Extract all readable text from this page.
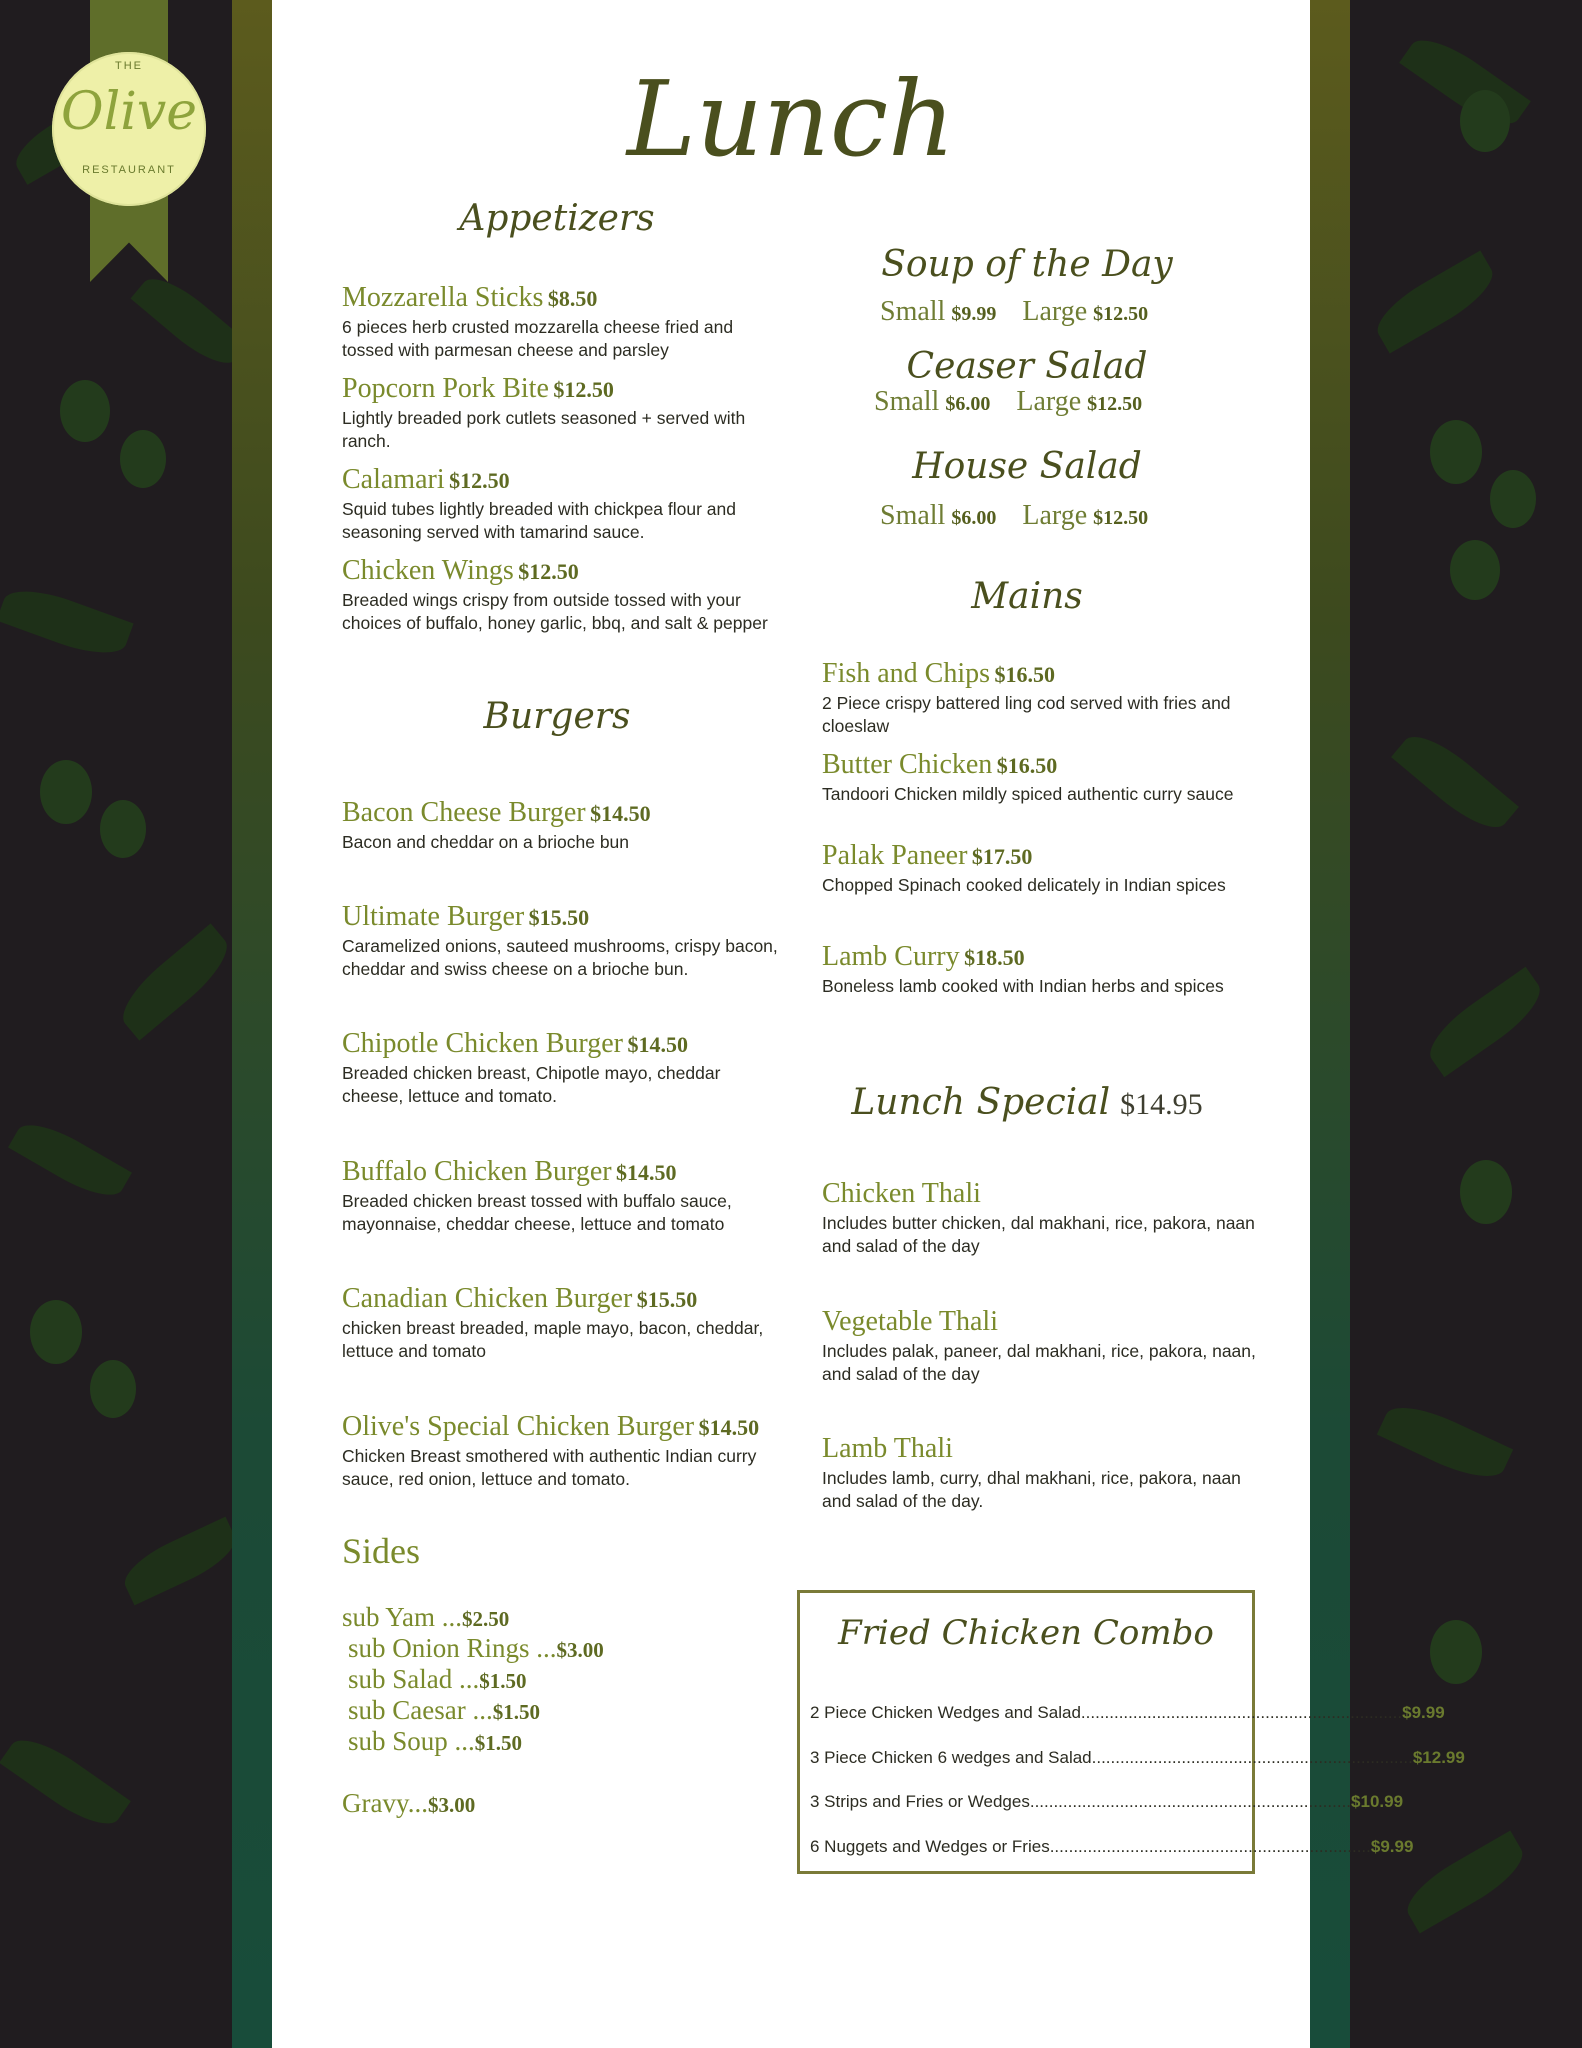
THE
Olive
RESTAURANT	Lunch
Appetizers
Mozzarella Sticks $8.50
6 pieces herb crusted mozzarella cheese fried and tossed with parmesan cheese and parsley
Popcorn Pork Bite $12.50
Lightly breaded pork cutlets seasoned + served with ranch.
Calamari $12.50
Squid tubes lightly breaded with chickpea flour and seasoning served with tamarind sauce.
Chicken Wings $12.50
Breaded wings crispy from outside tossed with your choices of buffalo, honey garlic, bbq, and salt & pepper
Burgers
Bacon Cheese Burger $14.50
Bacon and cheddar on a brioche bun
Ultimate Burger $15.50
Caramelized onions, sauteed mushrooms, crispy bacon, cheddar and swiss cheese on a brioche bun.
Chipotle Chicken Burger $14.50
Breaded chicken breast, Chipotle mayo, cheddar cheese, lettuce and tomato.
Buffalo Chicken Burger $14.50
Breaded chicken breast tossed with buffalo sauce, mayonnaise, cheddar cheese, lettuce and tomato
Canadian Chicken Burger $15.50
chicken breast breaded, maple mayo, bacon, cheddar, lettuce and tomato
Olive's Special Chicken Burger $14.50
Chicken Breast smothered with authentic Indian curry sauce, red onion, lettuce and tomato.
Sides
sub Yam ...$2.50
sub Onion Rings ...$3.00
sub Salad ...$1.50
sub Caesar ...$1.50
sub Soup ...$1.50
Gravy...$3.00
Soup of the Day
Small $9.99 Large $12.50
Ceaser Salad
Small $6.00 Large $12.50
House Salad
Small $6.00 Large $12.50
Mains
Fish and Chips $16.50
2 Piece crispy battered ling cod served with fries and cloeslaw
Butter Chicken $16.50
Tandoori Chicken mildly spiced authentic curry sauce
Palak Paneer $17.50
Chopped Spinach cooked delicately in Indian spices
Lamb Curry $18.50
Boneless lamb cooked with Indian herbs and spices
Lunch Special $14.95
Chicken Thali
Includes butter chicken, dal makhani, rice, pakora, naan and salad of the day
Vegetable Thali
Includes palak, paneer, dal makhani, rice, pakora, naan, and salad of the day
Lamb Thali
Includes lamb, curry, dhal makhani, rice, pakora, naan and salad of the day.
Fried Chicken Combo
2 Piece Chicken Wedges and Salad .................................................................... $9.99
3 Piece Chicken 6 wedges and Salad .................................................................... $12.99
3 Strips and Fries or Wedges .................................................................... $10.99
6 Nuggets and Wedges or Fries .................................................................... $9.99
